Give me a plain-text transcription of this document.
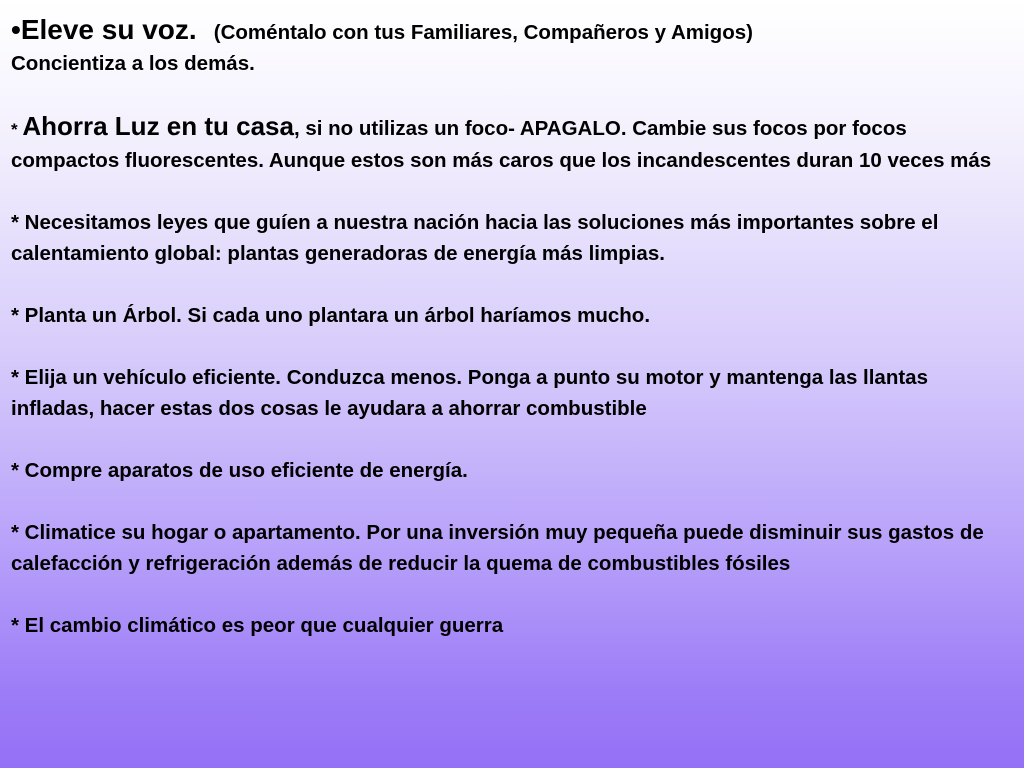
•Eleve su voz. (Coméntalo con tus Familiares, Compañeros y Amigos)
Concientiza a los demás.

* Ahorra Luz en tu casa, si no utilizas un foco- APAGALO. Cambie sus focos por focos compactos fluorescentes. Aunque estos son más caros que los incandescentes duran 10 veces más

* Necesitamos leyes que guíen a nuestra nación hacia las soluciones más importantes sobre el calentamiento global: plantas generadoras de energía más limpias.

* Planta un Árbol. Si cada uno plantara un árbol haríamos mucho.

* Elija un vehículo eficiente. Conduzca menos. Ponga a punto su motor y mantenga las llantas infladas, hacer estas dos cosas le ayudara a ahorrar combustible

* Compre aparatos de uso eficiente de energía.

* Climatice su hogar o apartamento. Por una inversión muy pequeña puede disminuir sus gastos de calefacción y refrigeración además de reducir la quema de combustibles fósiles

* El cambio climático es peor que cualquier guerra
